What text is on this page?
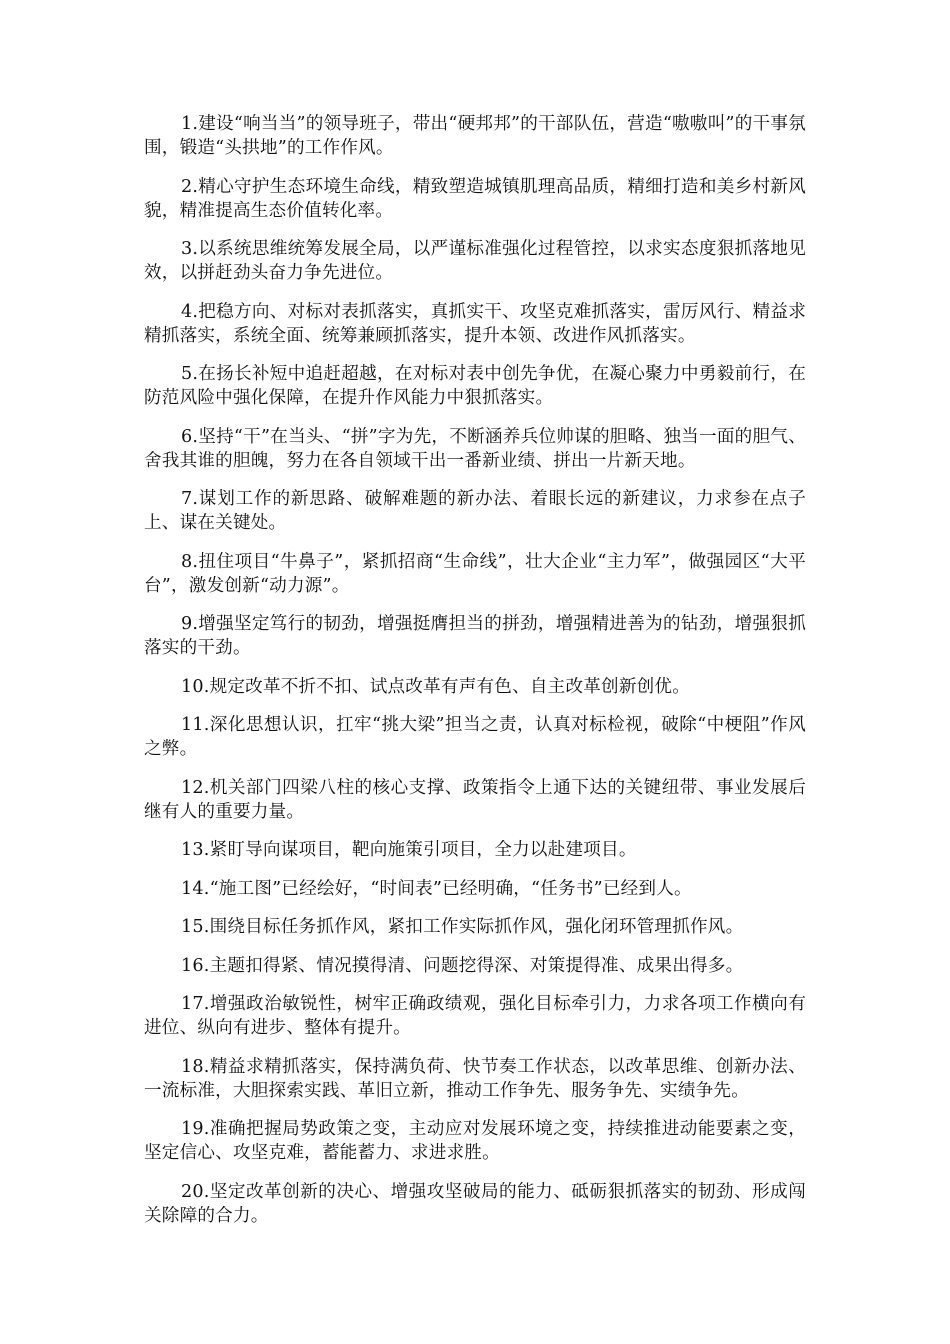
1.建设“响当当”的领导班子，带出“硬邦邦”的干部队伍，营造“嗷嗷叫”的干事氛围，锻造“头拱地”的工作作风。

2.精心守护生态环境生命线，精致塑造城镇肌理高品质，精细打造和美乡村新风貌，精准提高生态价值转化率。

3.以系统思维统筹发展全局，以严谨标准强化过程管控，以求实态度狠抓落地见效，以拼赶劲头奋力争先进位。

4.把稳方向、对标对表抓落实，真抓实干、攻坚克难抓落实，雷厉风行、精益求精抓落实，系统全面、统筹兼顾抓落实，提升本领、改进作风抓落实。

5.在扬长补短中追赶超越，在对标对表中创先争优，在凝心聚力中勇毅前行，在防范风险中强化保障，在提升作风能力中狠抓落实。

6.坚持“干”在当头、“拼”字为先，不断涵养兵位帅谋的胆略、独当一面的胆气、舍我其谁的胆魄，努力在各自领域干出一番新业绩、拼出一片新天地。

7.谋划工作的新思路、破解难题的新办法、着眼长远的新建议，力求参在点子上、谋在关键处。

8.扭住项目“牛鼻子”，紧抓招商“生命线”，壮大企业“主力军”，做强园区“大平台”，激发创新“动力源”。

9.增强坚定笃行的韧劲，增强挺膺担当的拼劲，增强精进善为的钻劲，增强狠抓落实的干劲。

10.规定改革不折不扣、试点改革有声有色、自主改革创新创优。

11.深化思想认识，扛牢“挑大梁”担当之责，认真对标检视，破除“中梗阻”作风之弊。

12.机关部门四梁八柱的核心支撑、政策指令上通下达的关键纽带、事业发展后继有人的重要力量。

13.紧盯导向谋项目，靶向施策引项目，全力以赴建项目。

14.“施工图”已经绘好，“时间表”已经明确，“任务书”已经到人。

15.围绕目标任务抓作风，紧扣工作实际抓作风，强化闭环管理抓作风。

16.主题扣得紧、情况摸得清、问题挖得深、对策提得准、成果出得多。

17.增强政治敏锐性，树牢正确政绩观，强化目标牵引力，力求各项工作横向有进位、纵向有进步、整体有提升。

18.精益求精抓落实，保持满负荷、快节奏工作状态，以改革思维、创新办法、一流标准，大胆探索实践、革旧立新，推动工作争先、服务争先、实绩争先。

19.准确把握局势政策之变，主动应对发展环境之变，持续推进动能要素之变，坚定信心、攻坚克难，蓄能蓄力、求进求胜。

20.坚定改革创新的决心、增强攻坚破局的能力、砥砺狠抓落实的韧劲、形成闯关除障的合力。
